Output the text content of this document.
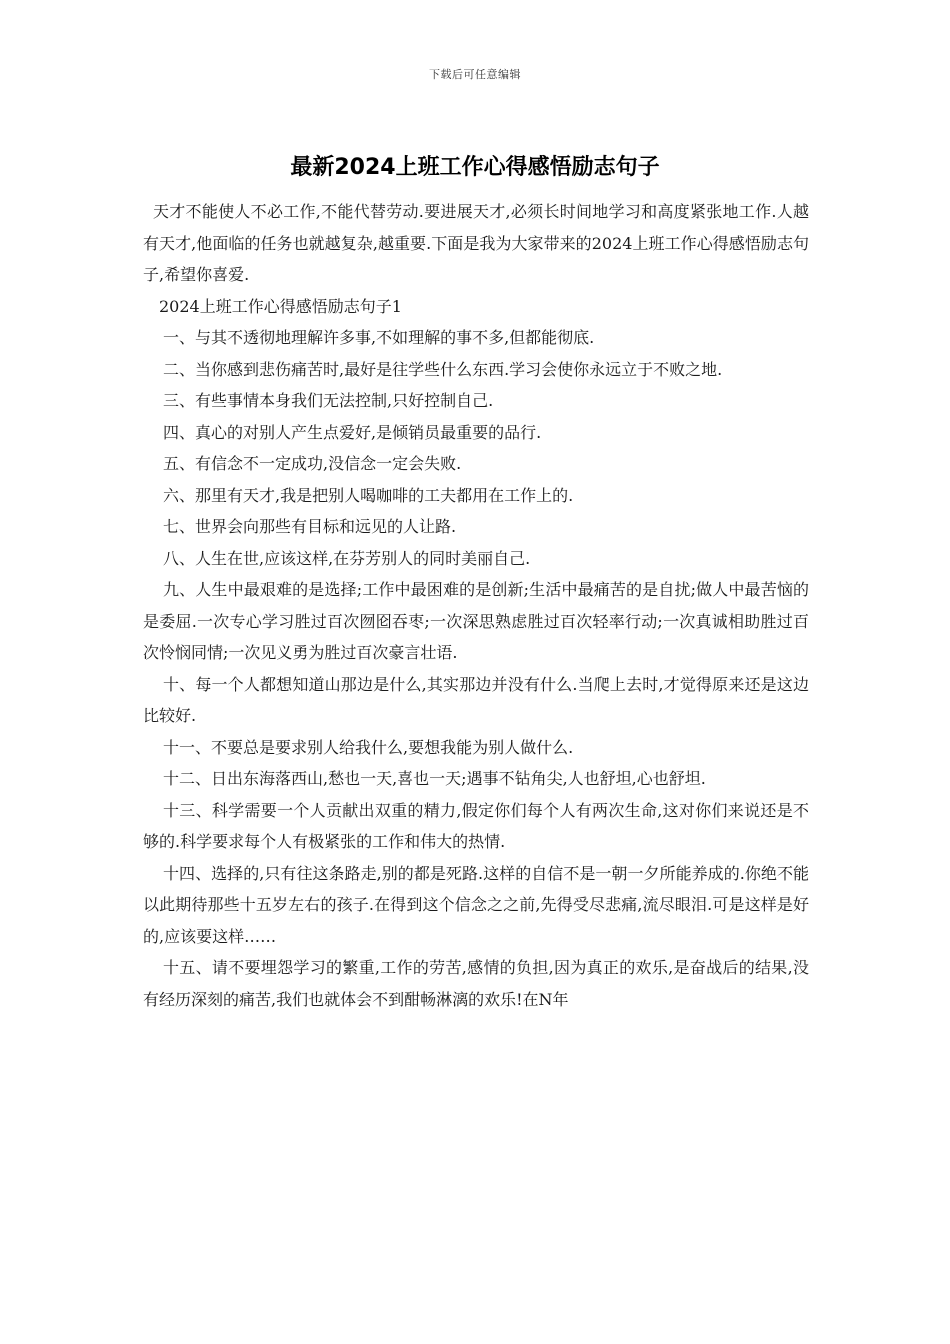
下载后可任意编辑
最新2024上班工作心得感悟励志句子

天才不能使人不必工作,不能代替劳动.要进展天才,必须长时间地学习和高度紧张地工作.人越有天才,他面临的任务也就越复杂,越重要.下面是我为大家带来的2024上班工作心得感悟励志句子,希望你喜爱.

2024上班工作心得感悟励志句子1

一、与其不透彻地理解许多事,不如理解的事不多,但都能彻底.

二、当你感到悲伤痛苦时,最好是往学些什么东西.学习会使你永远立于不败之地.

三、有些事情本身我们无法控制,只好控制自己.

四、真心的对别人产生点爱好,是倾销员最重要的品行.

五、有信念不一定成功,没信念一定会失败.

六、那里有天才,我是把别人喝咖啡的工夫都用在工作上的.

七、世界会向那些有目标和远见的人让路.

八、人生在世,应该这样,在芬芳别人的同时美丽自己.

九、人生中最艰难的是选择;工作中最困难的是创新;生活中最痛苦的是自扰;做人中最苦恼的是委屈.一次专心学习胜过百次囫囵吞枣;一次深思熟虑胜过百次轻率行动;一次真诚相助胜过百次怜悯同情;一次见义勇为胜过百次豪言壮语.

十、每一个人都想知道山那边是什么,其实那边并没有什么.当爬上去时,才觉得原来还是这边比较好.

十一、不要总是要求别人给我什么,要想我能为别人做什么.

十二、日出东海落西山,愁也一天,喜也一天;遇事不钻角尖,人也舒坦,心也舒坦.

十三、科学需要一个人贡献出双重的精力,假定你们每个人有两次生命,这对你们来说还是不够的.科学要求每个人有极紧张的工作和伟大的热情.

十四、选择的,只有往这条路走,别的都是死路.这样的自信不是一朝一夕所能养成的.你绝不能以此期待那些十五岁左右的孩子.在得到这个信念之之前,先得受尽悲痛,流尽眼泪.可是这样是好的,应该要这样……

十五、请不要埋怨学习的繁重,工作的劳苦,感情的负担,因为真正的欢乐,是奋战后的结果,没有经历深刻的痛苦,我们也就体会不到酣畅淋漓的欢乐!在N年
